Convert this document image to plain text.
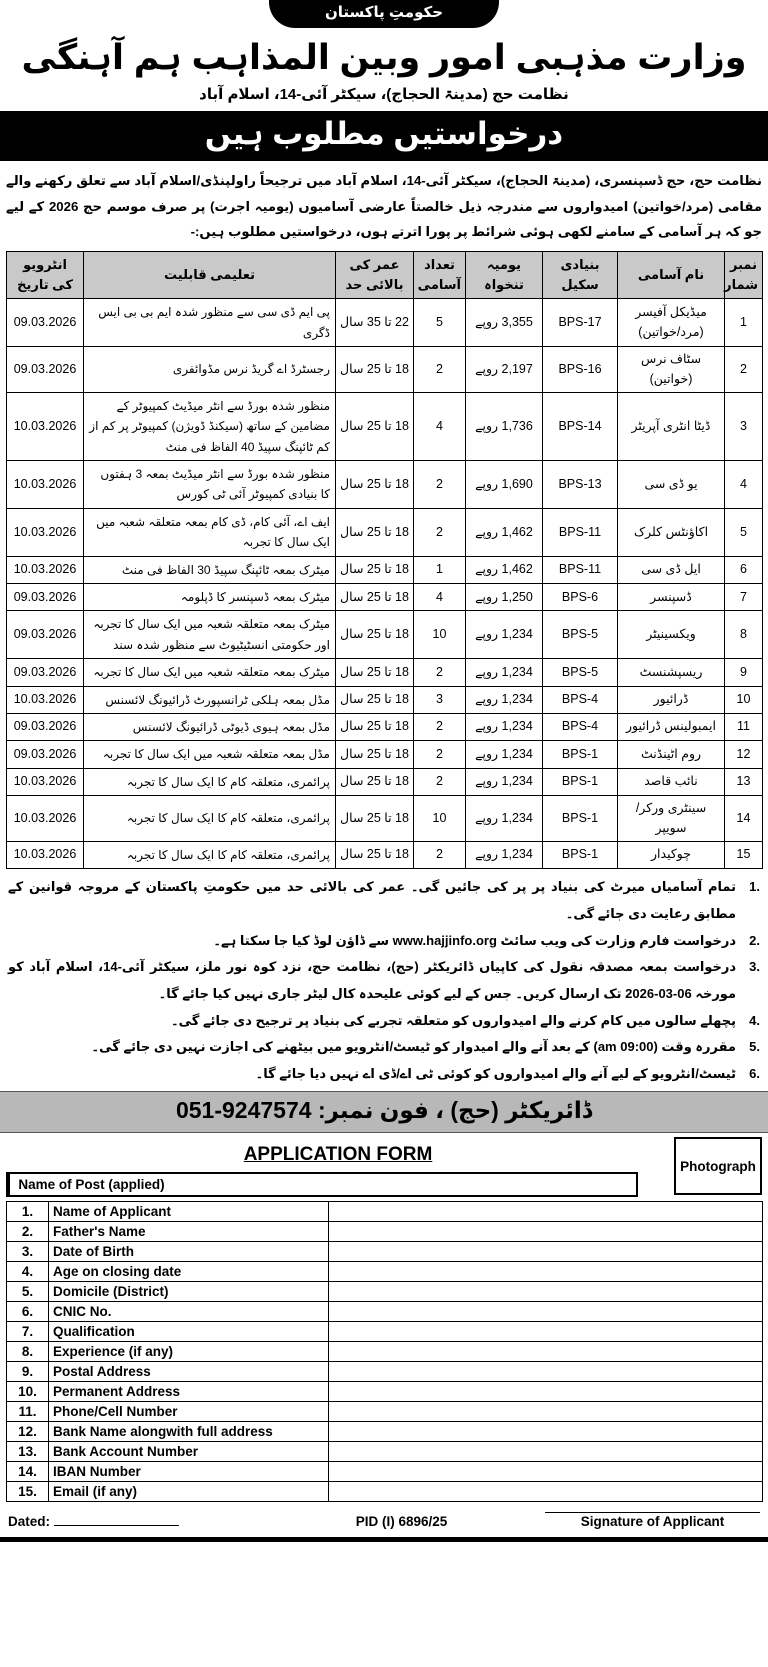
حکومتِ پاکستان
وزارت مذہبی امور وبین المذاہب ہم آہنگی
نظامت حج (مدینۃ الحجاج)، سیکٹر آئی-14، اسلام آباد
درخواستیں مطلوب ہیں

نظامت حج، حج ڈسپنسری، (مدینۃ الحجاج)، سیکٹر آئی-14، اسلام آباد میں ترجیحاً راولپنڈی/اسلام آباد سے تعلق رکھنے والے مقامی (مرد/خواتین) امیدواروں سے مندرجہ ذیل خالصتاً عارضی آسامیوں (یومیہ اجرت) پر صرف موسم حج 2026 کے لیے جو کہ ہر آسامی کے سامنے لکھی ہوئی شرائط پر پورا اترتے ہوں، درخواستیں مطلوب ہیں:-

نمبر شمار	نام آسامی	بنیادی سکیل	یومیہ تنخواہ	تعداد آسامی	عمر کی بالائی حد	تعلیمی قابلیت	انٹرویو کی تاریخ
1	میڈیکل آفیسر (مرد/خواتین)	BPS-17	3,355 روپے	5	22 تا 35 سال	پی ایم ڈی سی سے منظور شدہ ایم بی بی ایس ڈگری	09.03.2026
2	سٹاف نرس (خواتین)	BPS-16	2,197 روپے	2	18 تا 25 سال	رجسٹرڈ اے گریڈ نرس مڈوائفری	09.03.2026
3	ڈیٹا انٹری آپریٹر	BPS-14	1,736 روپے	4	18 تا 25 سال	منظور شدہ بورڈ سے انٹر میڈیٹ کمپیوٹر کے مضامین کے ساتھ (سیکنڈ ڈویژن) کمپیوٹر پر کم از کم ٹائپنگ سپیڈ 40 الفاظ فی منٹ	10.03.2026
4	یو ڈی سی	BPS-13	1,690 روپے	2	18 تا 25 سال	منظور شدہ بورڈ سے انٹر میڈیٹ بمعہ 3 ہفتوں کا بنیادی کمپیوٹر آئی ٹی کورس	10.03.2026
5	اکاؤنٹس کلرک	BPS-11	1,462 روپے	2	18 تا 25 سال	ایف اے، آئی کام، ڈی کام بمعہ متعلقہ شعبہ میں ایک سال کا تجربہ	10.03.2026
6	ایل ڈی سی	BPS-11	1,462 روپے	1	18 تا 25 سال	میٹرک بمعہ ٹائپنگ سپیڈ 30 الفاظ فی منٹ	10.03.2026
7	ڈسپنسر	BPS-6	1,250 روپے	4	18 تا 25 سال	میٹرک بمعہ ڈسپنسر کا ڈپلومہ	09.03.2026
8	ویکسینیٹر	BPS-5	1,234 روپے	10	18 تا 25 سال	میٹرک بمعہ متعلقہ شعبہ میں ایک سال کا تجربہ اور حکومتی انسٹیٹیوٹ سے منظور شدہ سند	09.03.2026
9	ریسپشنسٹ	BPS-5	1,234 روپے	2	18 تا 25 سال	میٹرک بمعہ متعلقہ شعبہ میں ایک سال کا تجربہ	09.03.2026
10	ڈرائیور	BPS-4	1,234 روپے	3	18 تا 25 سال	مڈل بمعہ ہلکی ٹرانسپورٹ ڈرائیونگ لائسنس	10.03.2026
11	ایمبولینس ڈرائیور	BPS-4	1,234 روپے	2	18 تا 25 سال	مڈل بمعہ ہیوی ڈیوٹی ڈرائیونگ لائسنس	09.03.2026
12	روم اٹینڈنٹ	BPS-1	1,234 روپے	2	18 تا 25 سال	مڈل بمعہ متعلقہ شعبہ میں ایک سال کا تجربہ	09.03.2026
13	نائب قاصد	BPS-1	1,234 روپے	2	18 تا 25 سال	پرائمری، متعلقہ کام کا ایک سال کا تجربہ	10.03.2026
14	سینٹری ورکر/سویپر	BPS-1	1,234 روپے	10	18 تا 25 سال	پرائمری، متعلقہ کام کا ایک سال کا تجربہ	10.03.2026
15	چوکیدار	BPS-1	1,234 روپے	2	18 تا 25 سال	پرائمری، متعلقہ کام کا ایک سال کا تجربہ	10.03.2026
.1
تمام آسامیاں میرٹ کی بنیاد پر پر کی جائیں گی۔ عمر کی بالائی حد میں حکومتِ پاکستان کے مروجہ قوانین کے مطابق رعایت دی جائے گی۔
.2
درخواست فارم وزارت کی ویب سائٹ www.hajjinfo.org سے ڈاؤن لوڈ کیا جا سکتا ہے۔
.3
درخواست بمعہ مصدقہ نقول کی کاپیاں ڈائریکٹر (حج)، نظامت حج، نزد کوہ نور ملز، سیکٹر آئی-14، اسلام آباد کو مورخہ 06-03-2026 تک ارسال کریں۔ جس کے لیے کوئی علیحدہ کال لیٹر جاری نہیں کیا جائے گا۔
.4
پچھلے سالوں میں کام کرنے والے امیدواروں کو متعلقہ تجربے کی بنیاد پر ترجیح دی جائے گی۔
.5
مقررہ وقت (09:00 am) کے بعد آنے والے امیدوار کو ٹیسٹ/انٹرویو میں بیٹھنے کی اجازت نہیں دی جائے گی۔
.6
ٹیسٹ/انٹرویو کے لیے آنے والے امیدواروں کو کوئی ٹی اے/ڈی اے نہیں دیا جائے گا۔
ڈائریکٹر (حج) ، فون نمبر: 051-9247574
Photograph
APPLICATION FORM
Name of Post (applied)
1.	Name of Applicant	
2.	Father's Name	
3.	Date of Birth	
4.	Age on closing date	
5.	Domicile (District)	
6.	CNIC No.	
7.	Qualification	
8.	Experience (if any)	
9.	Postal Address	
10.	Permanent Address	
11.	Phone/Cell Number	
12.	Bank Name alongwith full address	
13.	Bank Account Number	
14.	IBAN Number	
15.	Email (if any)	
Dated:	PID (I) 6896/25	Signature of Applicant
